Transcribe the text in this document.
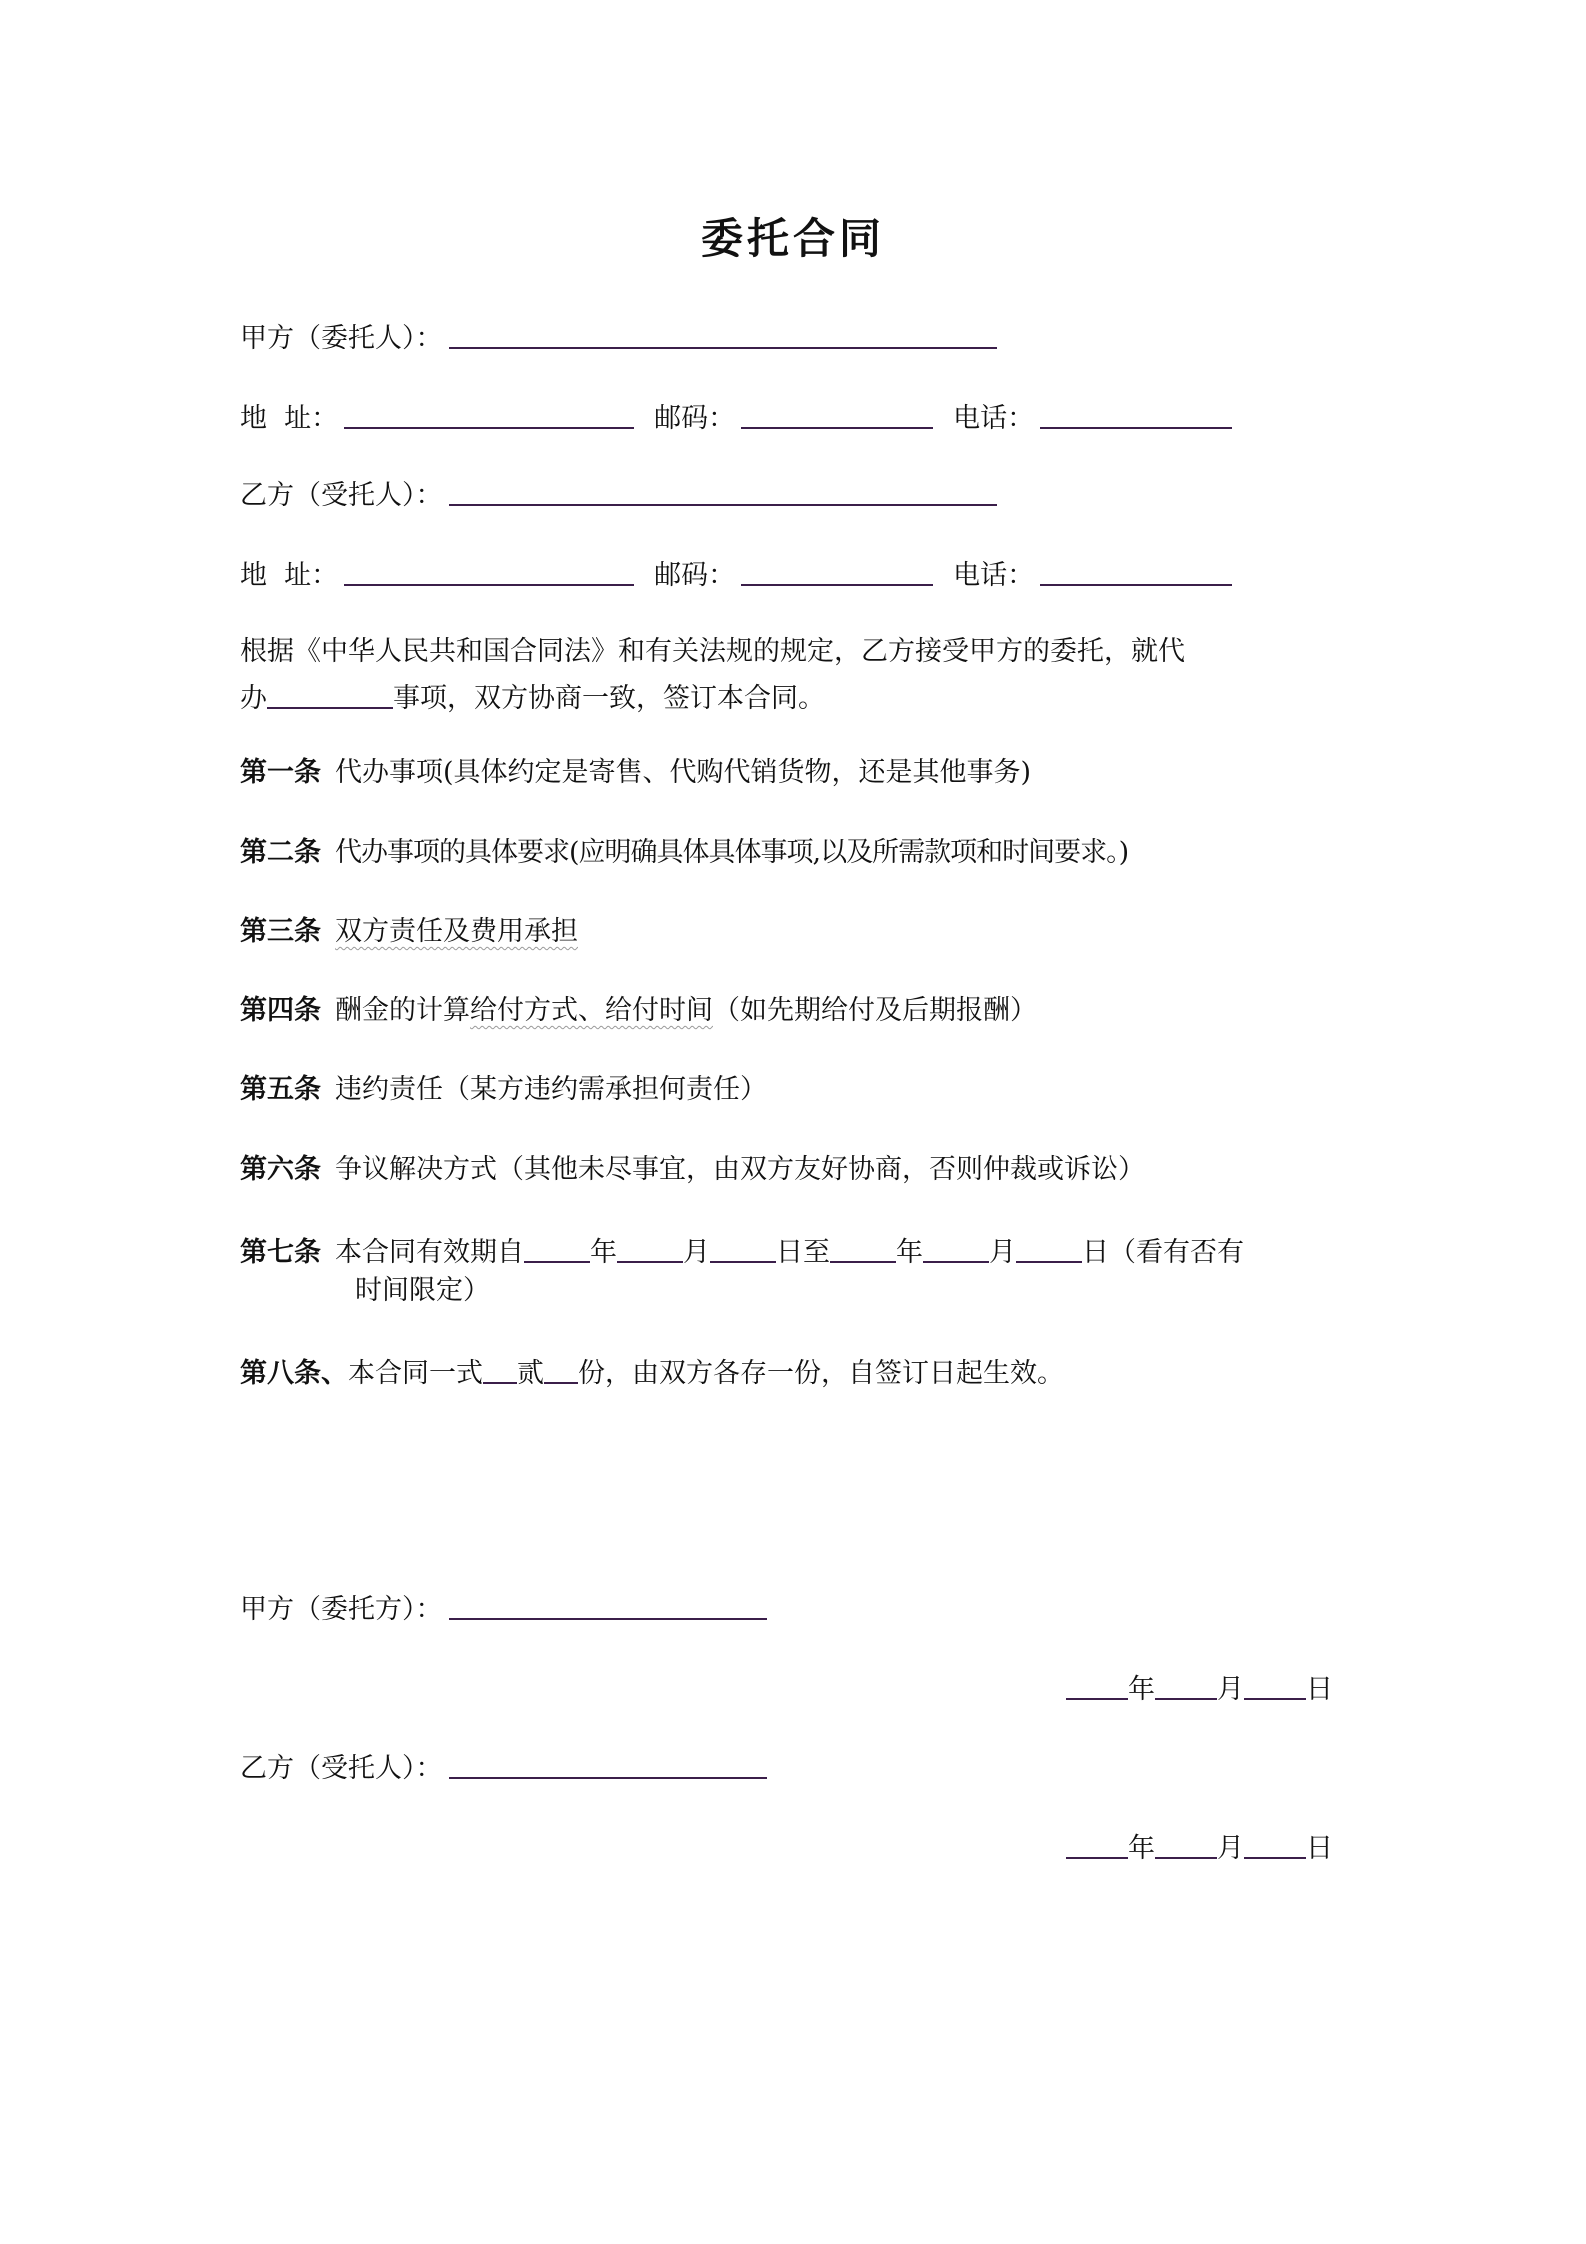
委托合同
甲方（委托人）：
地  址：	邮码：	电话：
乙方（受托人）：
地  址：	邮码：	电话：
根据《中华人民共和国合同法》和有关法规的规定，乙方接受甲方的委托，就代
办	事项，双方协商一致，签订本合同。
第一条 代办事项(具体约定是寄售、代购代销货物，还是其他事务)
第二条 代办事项的具体要求(应明确具体具体事项,以及所需款项和时间要求。)
第三条 双方责任及费用承担
第四条 酬金的计算给付方式、给付时间（如先期给付及后期报酬）
第五条 违约责任（某方违约需承担何责任）
第六条 争议解决方式（其他未尽事宜，由双方友好协商，否则仲裁或诉讼）
第七条 本合同有效期自 年 月 日至 年 月 日（看有否有
时间限定）
第八条、本合同一式 贰 份，由双方各存一份，自签订日起生效。
甲方（委托方）：
年 月 日
乙方（受托人）：
年 月 日
